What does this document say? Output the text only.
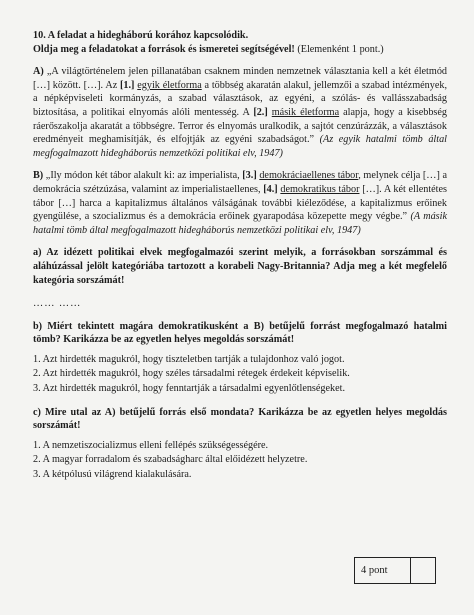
10. A feladat a hidegháború korához kapcsolódik.

Oldja meg a feladatokat a források és ismeretei segítségével! (Elemenként 1 pont.)

A) „A világtörténelem jelen pillanatában csaknem minden nemzetnek választania kell a két életmód […] között. […]. Az [1.] egyik életforma a többség akaratán alakul, jellemzői a szabad intézmények, a népképviseleti kormányzás, a szabad választások, az egyéni, a szólás- és vallásszabadság biztosítása, a politikai elnyomás alóli mentesség. A [2.] másik életforma alapja, hogy a kisebbség ráerőszakolja akaratát a többségre. Terror és elnyomás uralkodik, a sajtót cenzúrázzák, a választások eredményeit meghamisítják, és elfojtják az egyéni szabadságot.” (Az egyik hatalmi tömb által megfogalmazott hidegháborús nemzetközi politikai elv, 1947)

B) „Ily módon két tábor alakult ki: az imperialista, [3.] demokráciaellenes tábor, melynek célja […] a demokrácia szétzúzása, valamint az imperialistaellenes, [4.] demokratikus tábor […]. A két ellentétes tábor […] harca a kapitalizmus általános válságának további kiéleződése, a kapitalizmus erőinek gyengülése, a szocializmus és a demokrácia erőinek gyarapodása közepette megy végbe.” (A másik hatalmi tömb által megfogalmazott hidegháborús nemzetközi politikai elv, 1947)

a) Az idézett politikai elvek megfogalmazói szerint melyik, a forrásokban sorszámmal és aláhúzással jelölt kategóriába tartozott a korabeli Nagy-Britannia? Adja meg a két megfelelő kategória sorszámát!

…… ……

b) Miért tekintett magára demokratikusként a B) betűjelű forrást megfogalmazó hatalmi tömb? Karikázza be az egyetlen helyes megoldás sorszámát!

1. Azt hirdették magukról, hogy tiszteletben tartják a tulajdonhoz való jogot.

2. Azt hirdették magukról, hogy széles társadalmi rétegek érdekeit képviselik.

3. Azt hirdették magukról, hogy fenntartják a társadalmi egyenlőtlenségeket.

c) Mire utal az A) betűjelű forrás első mondata? Karikázza be az egyetlen helyes megoldás sorszámát!

1. A nemzetiszocializmus elleni fellépés szükségességére.

2. A magyar forradalom és szabadságharc által előidézett helyzetre.

3. A kétpólusú világrend kialakulására.

4 pont
